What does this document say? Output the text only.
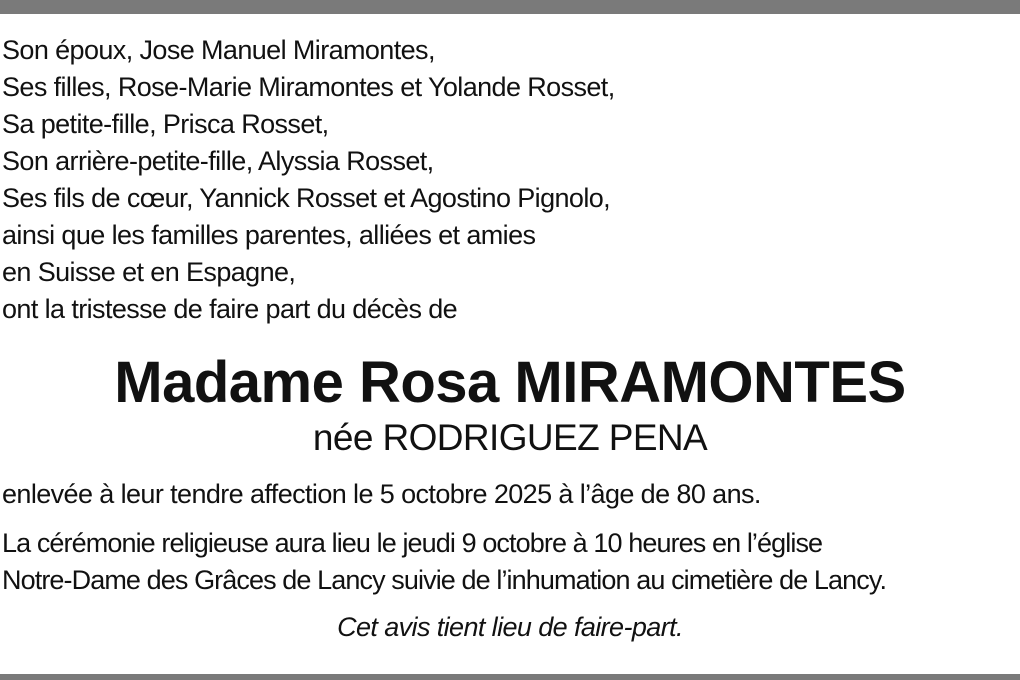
Son époux, Jose Manuel Miramontes,
Ses filles, Rose-Marie Miramontes et Yolande Rosset,
Sa petite-fille, Prisca Rosset,
Son arrière-petite-fille, Alyssia Rosset,
Ses fils de cœur, Yannick Rosset et Agostino Pignolo,
ainsi que les familles parentes, alliées et amies
en Suisse et en Espagne,
ont la tristesse de faire part du décès de
Madame Rosa MIRAMONTES
née RODRIGUEZ PENA
enlevée à leur tendre affection le 5 octobre 2025 à l’âge de 80 ans.
La cérémonie religieuse aura lieu le jeudi 9 octobre à 10 heures en l’église
Notre-Dame des Grâces de Lancy suivie de l’inhumation au cimetière de Lancy.
Cet avis tient lieu de faire-part.
